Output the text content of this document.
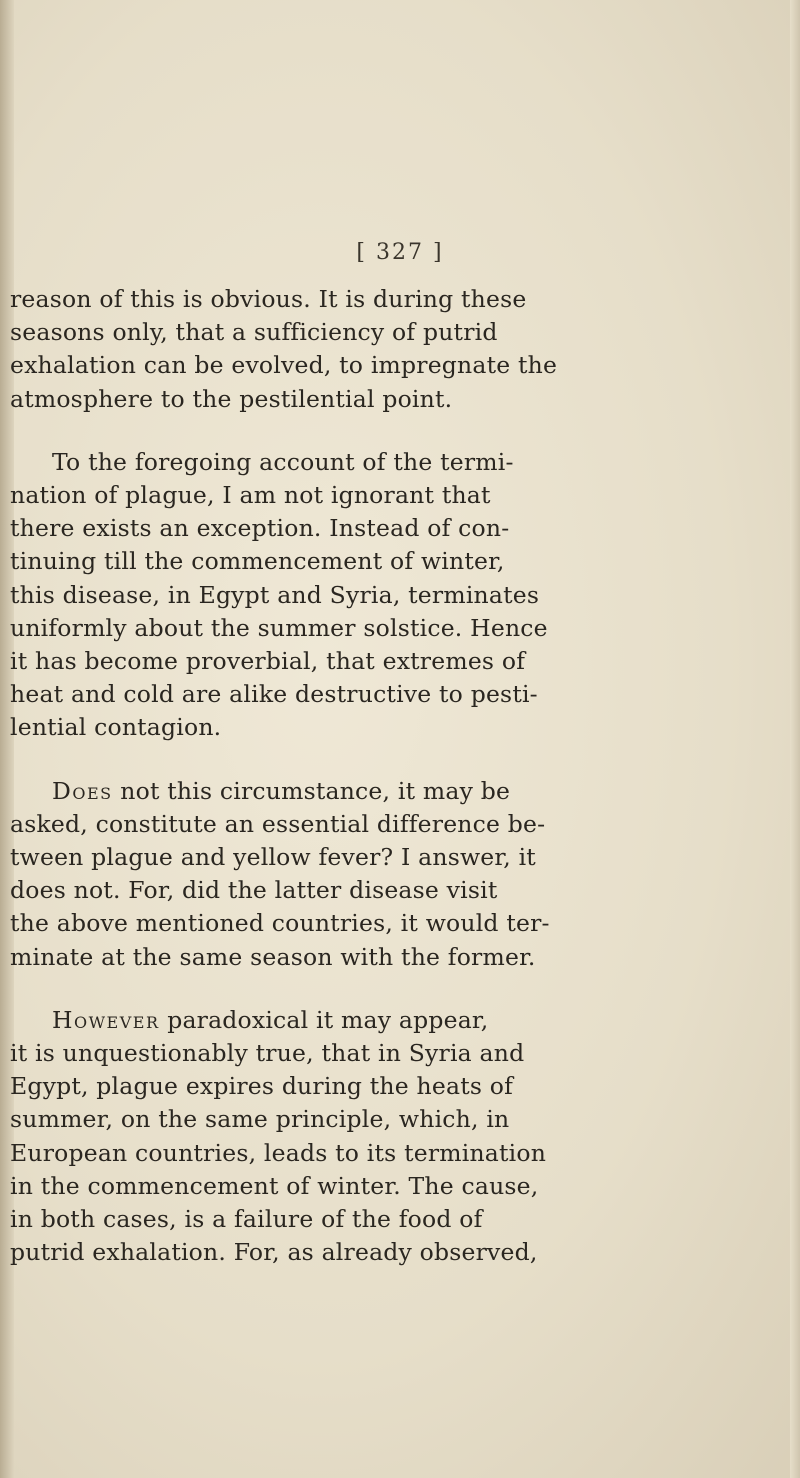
[ 327 ]
reason of this is obvious. It is during these
seasons only, that a sufficiency of putrid
exhalation can be evolved, to impregnate the
atmosphere to the pestilential point.
To the foregoing account of the termi-
nation of plague, I am not ignorant that
there exists an exception. Instead of con-
tinuing till the commencement of winter,
this disease, in Egypt and Syria, terminates
uniformly about the summer solstice. Hence
it has become proverbial, that extremes of
heat and cold are alike destructive to pesti-
lential contagion.
Does not this circumstance, it may be
asked, constitute an essential difference be-
tween plague and yellow fever? I answer, it
does not. For, did the latter disease visit
the above mentioned countries, it would ter-
minate at the same season with the former.
However paradoxical it may appear,
it is unquestionably true, that in Syria and
Egypt, plague expires during the heats of
summer, on the same principle, which, in
European countries, leads to its termination
in the commencement of winter. The cause,
in both cases, is a failure of the food of
putrid exhalation. For, as already observed,
